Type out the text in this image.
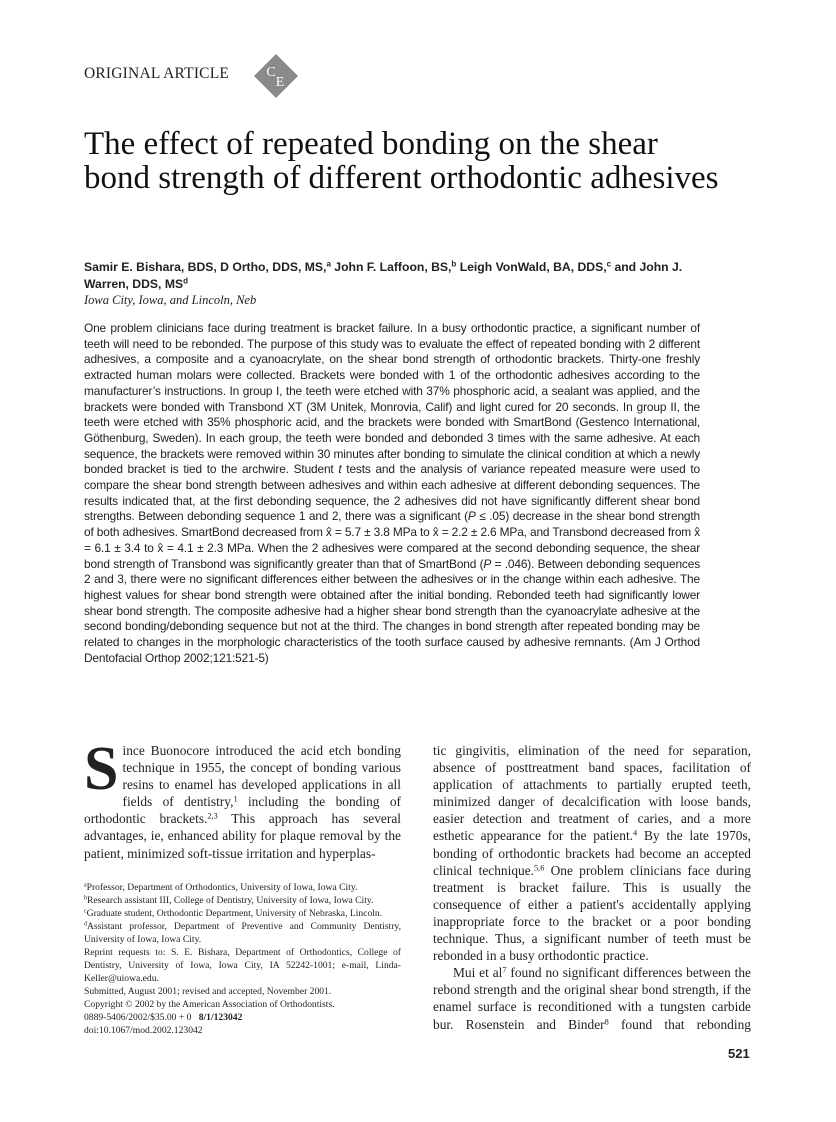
ORIGINAL ARTICLE	C
E
The effect of repeated bonding on the shear bond strength of different orthodontic adhesives
Samir E. Bishara, BDS, D Ortho, DDS, MS,$^a$ John F. Laffoon, BS,$^b$ Leigh VonWald, BA, DDS,$^c$ and John J. Warren, DDS, $MS^d$
Iowa City, Iowa, and Lincoln, Neb
One problem clinicians face during treatment is bracket failure. In a busy orthodontic practice, a significant number of teeth will need to be rebonded. The purpose of this study was to evaluate the effect of repeated bonding with 2 different adhesives, a composite and a cyanoacrylate, on the shear bond strength of orthodontic brackets. Thirty-one freshly extracted human molars were collected. Brackets were bonded with 1 of the orthodontic adhesives according to the manufacturer’s instructions. In group I, the teeth were etched with 37% phosphoric acid, a sealant was applied, and the brackets were bonded with Transbond XT (3M Unitek, Monrovia, Calif) and light cured for 20 seconds. In group II, the teeth were etched with 35% phosphoric acid, and the brackets were bonded with SmartBond (Gestenco International, Göthenburg, Sweden). In each group, the teeth were bonded and debonded 3 times with the same adhesive. At each sequence, the brackets were removed within 30 minutes after bonding to simulate the clinical condition at which a newly bonded bracket is tied to the archwire. Student t tests and the analysis of variance repeated measure were used to compare the shear bond strength between adhesives and within each adhesive at different debonding sequences. The results indicated that, at the first debonding sequence, the 2 adhesives did not have significantly different shear bond strengths. Between debonding sequence 1 and 2, there was a significant (P ≤ .05) decrease in the shear bond strength of both adhesives. SmartBond decreased from x̂ = 5.7 ± 3.8 MPa to x̂ = 2.2 ± 2.6 MPa, and Transbond decreased from x̂ = 6.1 ± 3.4 to x̂ = 4.1 ± 2.3 MPa. When the 2 adhesives were compared at the second debonding sequence, the shear bond strength of Transbond was significantly greater than that of SmartBond (P = .046). Between debonding sequences 2 and 3, there were no significant differences either between the adhesives or in the change within each adhesive. The highest values for shear bond strength were obtained after the initial bonding. Rebonded teeth had significantly lower shear bond strength. The composite adhesive had a higher shear bond strength than the cyanoacrylate adhesive at the second bonding/debonding sequence but not at the third. The changes in bond strength after repeated bonding may be related to changes in the morphologic characteristics of the tooth surface caused by adhesive remnants. (Am J Orthod Dentofacial Orthop 2002;121:521-5)
S ince Buonocore introduced the acid etch bonding technique in 1955, the concept of bonding various resins to enamel has developed applications in all fields of dentistry,$^1$ including the bonding of orthodontic brackets.$^{2,3}$ This approach has several advantages, ie, enhanced ability for plaque removal by the patient, minimized soft-tissue irritation and hyperplas-

tic gingivitis, elimination of the need for separation, absence of posttreatment band spaces, facilitation of application of attachments to partially erupted teeth, minimized danger of decalcification with loose bands, easier detection and treatment of caries, and a more esthetic appearance for the patient.$^4$ By the late 1970s, bonding of orthodontic brackets had become an accepted clinical technique.$^{5,6}$ One problem clinicians face during treatment is bracket failure. This is usually the consequence of either a patient's accidentally applying inappropriate force to the bracket or a poor bonding technique. Thus, a significant number of teeth must be rebonded in a busy orthodontic practice.

Mui et $al^7$ found no significant differences between the rebond strength and the original shear bond strength, if the enamel surface is reconditioned with a tungsten carbide bur. Rosenstein and Binder$^8$ found that rebonding

$^a$Professor, Department of Orthodontics, University of Iowa, Iowa City.
$^b$Research assistant III, College of Dentistry, University of Iowa, Iowa City.
$^c$Graduate student, Orthodontic Department, University of Nebraska, Lincoln.
$^d$Assistant professor, Department of Preventive and Community Dentistry, University of Iowa, Iowa City.
Reprint requests to: S. E. Bishara, Department of Orthodontics, College of Dentistry, University of Iowa, Iowa City, IA 52242-1001; e-mail, Linda-Keller@uiowa.edu.
Submitted, August 2001; revised and accepted, November 2001.
Copyright © 2002 by the American Association of Orthodontists.
0889-5406/2002/$35.00 + 0 8/1/123042
doi:10.1067/mod.2002.123042
521
